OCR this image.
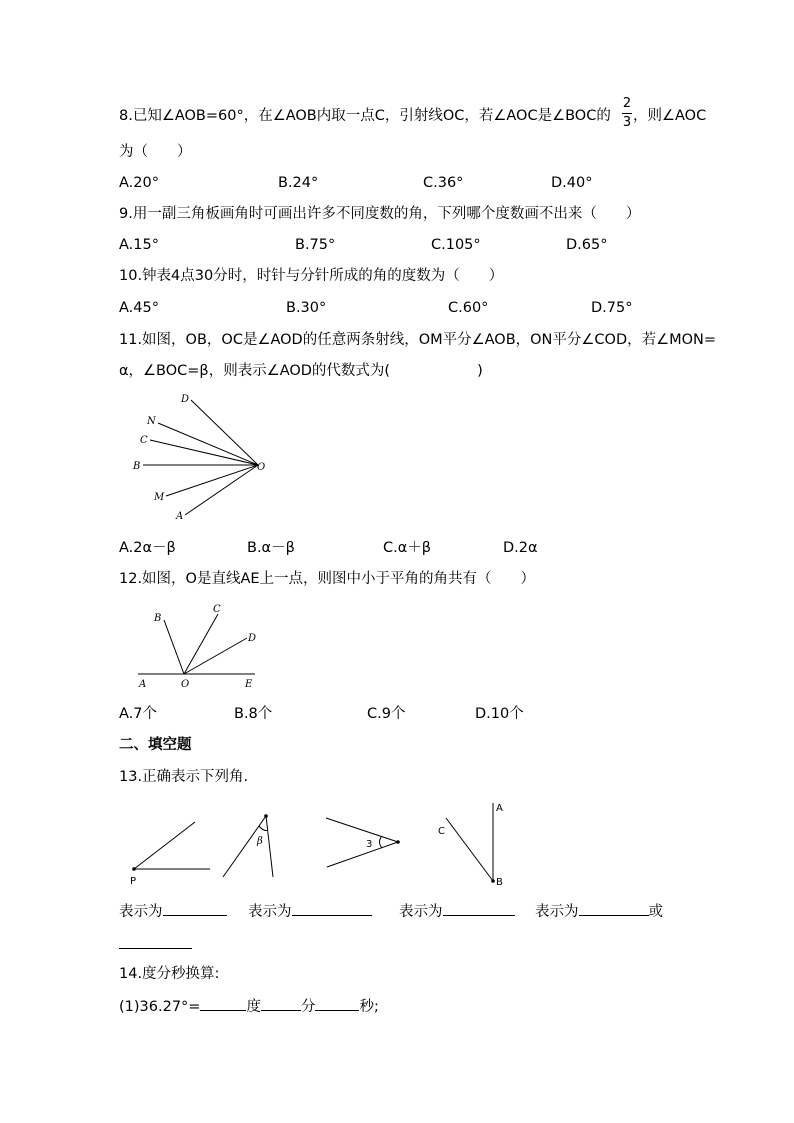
8.已知∠AOB=60°，在∠AOB内取一点C，引射线OC，若∠AOC是∠BOC的
2
3 ，则∠AOC
为（　　）
A.20°	B.24°	C.36°	D.40°
9.用一副三角板画角时可画出许多不同度数的角，下列哪个度数画不出来（　　）
A.15°	B.75°	C.105°	D.65°
10.钟表4点30分时，时针与分针所成的角的度数为（　　）
A.45°	B.30°	C.60°	D.75°
11.如图，OB，OC是∠AOD的任意两条射线，OM平分∠AOB，ON平分∠COD，若∠MON=
α，∠BOC=β，则表示∠AOD的代数式为(　　　　　　)
D
N
C
B
M
A
O
A.2α－β	B.α－β	C.α＋β	D.2α
12.如图，O是直线AE上一点，则图中小于平角的角共有（　　）
B
C
D
A	O	E
A.7个	B.8个	C.9个	D.10个
二、填空题
13.正确表示下列角.
P
β	3
A
C
B
表示为	表示为	表示为	表示为	或
14.度分秒换算:
(1)36.27°=	度	分	秒;
